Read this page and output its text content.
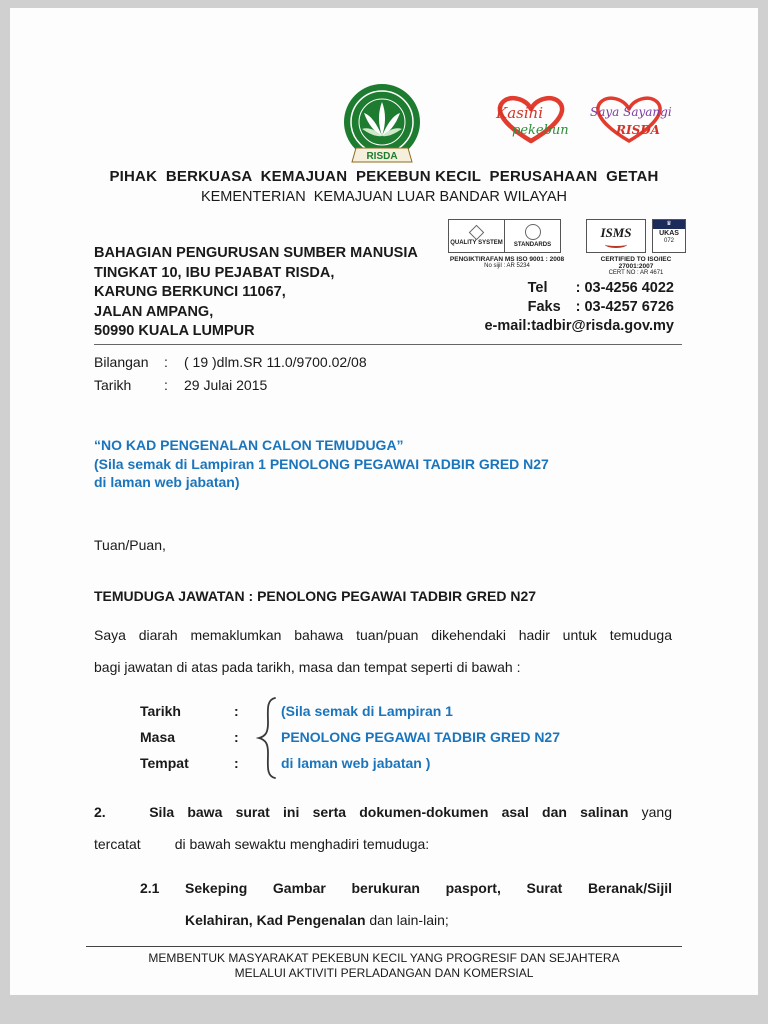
RISDA
Kasihi
pekebun
Saya Sayangi
RISDA
PIHAK  BERKUASA  KEMAJUAN  PEKEBUN KECIL  PERUSAHAAN  GETAH
KEMENTERIAN  KEMAJUAN LUAR BANDAR WILAYAH
BAHAGIAN PENGURUSAN SUMBER MANUSIA
TINGKAT 10, IBU PEJABAT RISDA,
KARUNG BERKUNCI 11067,
JALAN AMPANG,
50990 KUALA LUMPUR
QUALITY SYSTEM STANDARDS
PENGIKTIRAFAN MS ISO 9001 : 2008
No sijil : AR 5234
ISMS
♛
UKAS
072
CERTIFIED TO ISO/IEC 27001:2007
CERT NO : AR 4671
Tel	: 03-4256 4022
Faks	: 03-4257 6726
e-mail:tadbir@risda.gov.my
Bilangan : ( 19 )dlm.SR 11.0/9700.02/08
Tarikh : 29 Julai 2015
“NO KAD PENGENALAN CALON TEMUDUGA”
(Sila semak di Lampiran 1 PENOLONG PEGAWAI TADBIR GRED N27
di laman web jabatan)
Tuan/Puan,
TEMUDUGA JAWATAN : PENOLONG PEGAWAI TADBIR GRED N27
Saya diarah memaklumkan bahawa tuan/puan dikehendaki hadir untuk temuduga
bagi jawatan di atas pada tarikh, masa dan tempat seperti di bawah :
Tarikh	:	(Sila semak di Lampiran 1
Masa	:	PENOLONG PEGAWAI TADBIR GRED N27
Tempat	:	di laman web jabatan )
2.	Sila bawa surat ini serta dokumen-dokumen asal dan salinan yang
tercatat di bawah sewaktu menghadiri temuduga:
2.1 Sekeping Gambar berukuran pasport, Surat Beranak/Sijil
Kelahiran, Kad Pengenalan dan lain-lain;
MEMBENTUK MASYARAKAT PEKEBUN KECIL YANG PROGRESIF DAN SEJAHTERA
MELALUI AKTIVITI PERLADANGAN DAN KOMERSIAL
